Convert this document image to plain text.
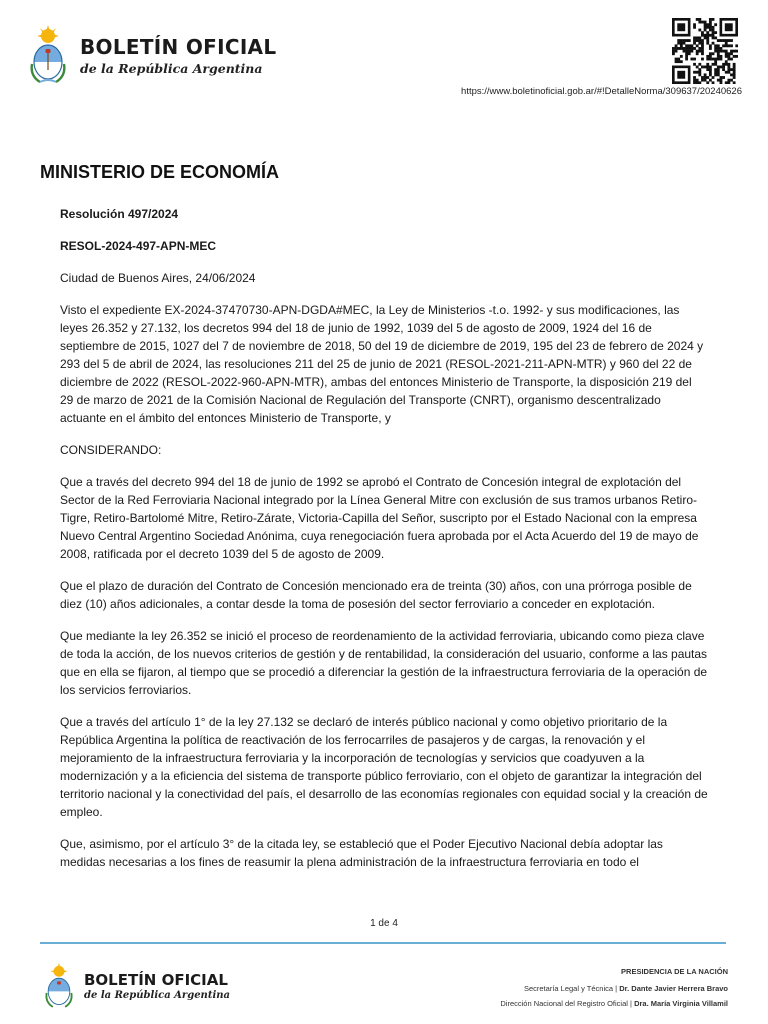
BOLETÍN OFICIAL
de la República Argentina
https://www.boletinoficial.gob.ar/#!DetalleNorma/309637/20240626
MINISTERIO DE ECONOMÍA

Resolución 497/2024

RESOL-2024-497-APN-MEC

Ciudad de Buenos Aires, 24/06/2024

Visto el expediente EX-2024-37470730-APN-DGDA#MEC, la Ley de Ministerios -t.o. 1992- y sus modificaciones, las leyes 26.352 y 27.132, los decretos 994 del 18 de junio de 1992, 1039 del 5 de agosto de 2009, 1924 del 16 de septiembre de 2015, 1027 del 7 de noviembre de 2018, 50 del 19 de diciembre de 2019, 195 del 23 de febrero de 2024 y 293 del 5 de abril de 2024, las resoluciones 211 del 25 de junio de 2021 (RESOL-2021-211-APN-MTR) y 960 del 22 de diciembre de 2022 (RESOL-2022-960-APN-MTR), ambas del entonces Ministerio de Transporte, la disposición 219 del 29 de marzo de 2021 de la Comisión Nacional de Regulación del Transporte (CNRT), organismo descentralizado actuante en el ámbito del entonces Ministerio de Transporte, y

CONSIDERANDO:

Que a través del decreto 994 del 18 de junio de 1992 se aprobó el Contrato de Concesión integral de explotación del Sector de la Red Ferroviaria Nacional integrado por la Línea General Mitre con exclusión de sus tramos urbanos Retiro-Tigre, Retiro-Bartolomé Mitre, Retiro-Zárate, Victoria-Capilla del Señor, suscripto por el Estado Nacional con la empresa Nuevo Central Argentino Sociedad Anónima, cuya renegociación fuera aprobada por el Acta Acuerdo del 19 de mayo de 2008, ratificada por el decreto 1039 del 5 de agosto de 2009.

Que el plazo de duración del Contrato de Concesión mencionado era de treinta (30) años, con una prórroga posible de diez (10) años adicionales, a contar desde la toma de posesión del sector ferroviario a conceder en explotación.

Que mediante la ley 26.352 se inició el proceso de reordenamiento de la actividad ferroviaria, ubicando como pieza clave de toda la acción, de los nuevos criterios de gestión y de rentabilidad, la consideración del usuario, conforme a las pautas que en ella se fijaron, al tiempo que se procedió a diferenciar la gestión de la infraestructura ferroviaria de la operación de los servicios ferroviarios.

Que a través del artículo 1° de la ley 27.132 se declaró de interés público nacional y como objetivo prioritario de la República Argentina la política de reactivación de los ferrocarriles de pasajeros y de cargas, la renovación y el mejoramiento de la infraestructura ferroviaria y la incorporación de tecnologías y servicios que coadyuven a la modernización y a la eficiencia del sistema de transporte público ferroviario, con el objeto de garantizar la integración del territorio nacional y la conectividad del país, el desarrollo de las economías regionales con equidad social y la creación de empleo.

Que, asimismo, por el artículo 3° de la citada ley, se estableció que el Poder Ejecutivo Nacional debía adoptar las medidas necesarias a los fines de reasumir la plena administración de la infraestructura ferroviaria en todo el

1 de 4
BOLETÍN OFICIAL
de la República Argentina
PRESIDENCIA DE LA NACIÓN
Secretaría Legal y Técnica | Dr. Dante Javier Herrera Bravo
Dirección Nacional del Registro Oficial | Dra. María Virginia Villamil
